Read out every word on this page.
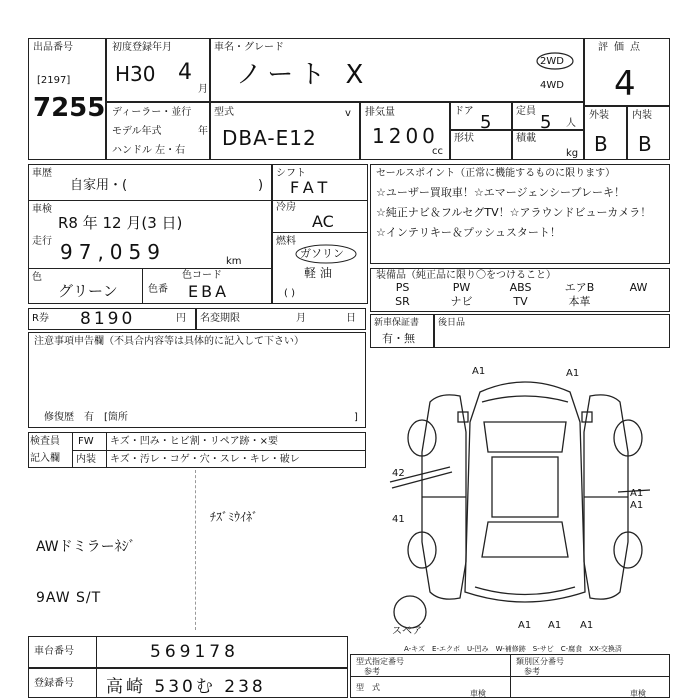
出品番号
[2197]
7255
初度登録年月
H30 4
月
車名・グレード
ノート X	2WD
4WD
評価点
4
ディーラー・並行
モデル年式	年
ハンドル 左・右
型式	v
DBA-E12
排気量
1200
cc
ドア
5
定員
5 人
形状	積載
kg
外装 内装
B B
車歴
自家用・(	)
車検
R8 年 12 月(3 日)
走行 97,059	km
色
グリーン
色コード
色番 EBA
シフト
FAT
冷房
AC
燃料
ガソリン
軽 油
( )
セールスポイント（正常に機能するものに限ります）
☆ユーザー買取車！☆エマージェンシーブレーキ！
☆純正ナビ＆フルセグTV！☆アラウンドビューカメラ！
☆インテリキー＆プッシュスタート！
装備品（純正品に限り〇をつけること）
PS	PW	ABS	エアB	AW
SR	ナビ	TV	本革
R券 8190	円 名変期限	月	日 新車保証書
有・無
後日品
注意事項申告欄（不具合内容等は具体的に記入して下さい）
修復歴　有　[箇所	]
検査員
記入欄
FW キズ・凹み・ヒビ割・リペア跡・×要
内装 キズ・汚レ・コゲ・穴・スレ・キレ・破レ
ﾁｽﾞﾐｳｲﾈﾞ
AWドミラーﾈｼﾞ
9AW S/T
A1	A1
A1
A1
A1 A1 A1
42
41
スペア
A-キズ　E-エクボ　U-凹み　W-補修跡　S-サビ　C-腐食　XX-交換済
車台番号	569178
登録番号 高崎 530む 238
型式指定番号
参考
類別区分番号
参考
型 式
車検	車検
